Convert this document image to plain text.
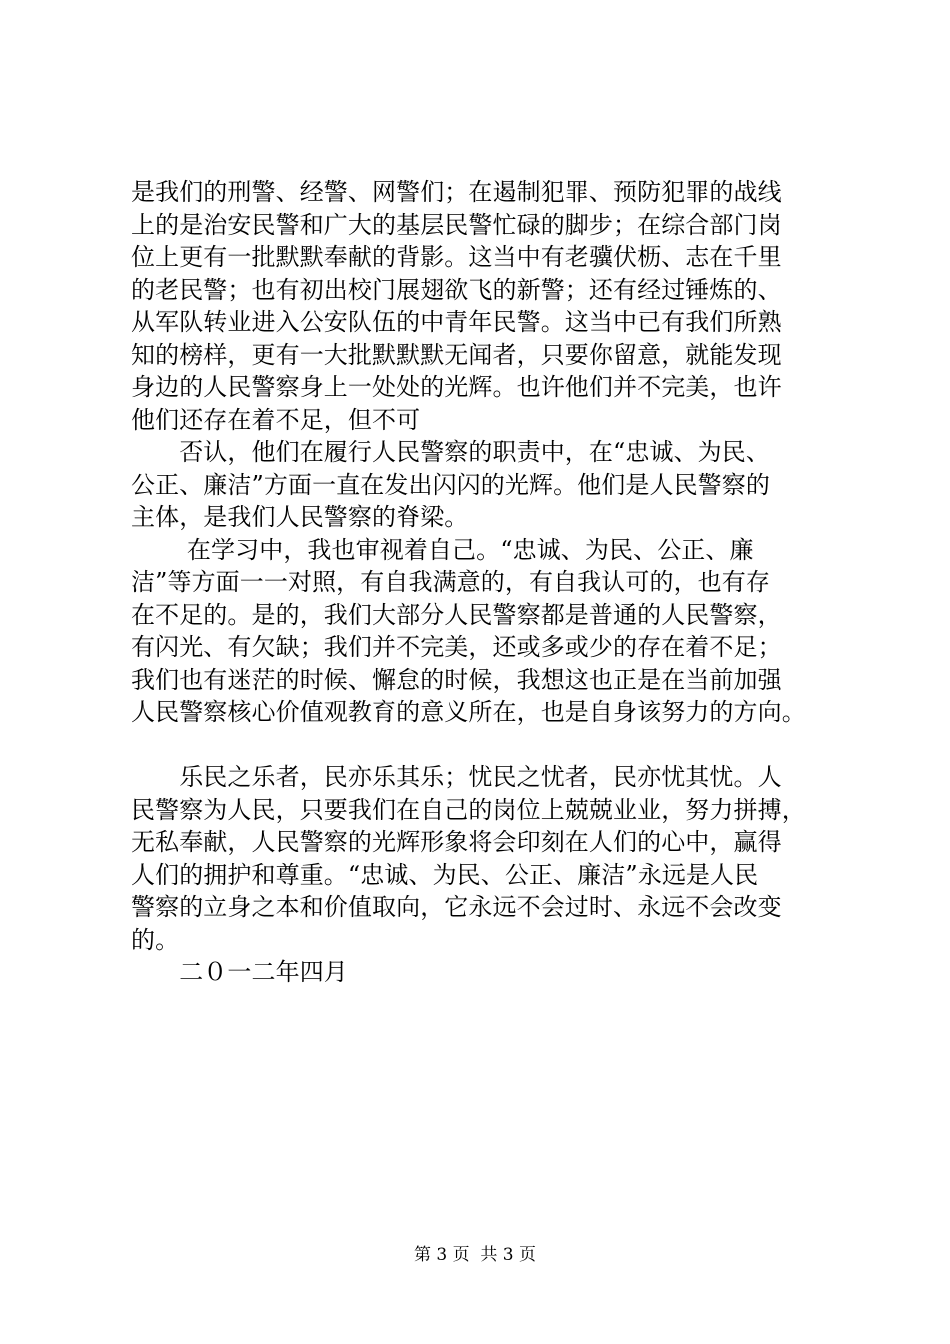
是我们的刑警、经警、网警们；在遏制犯罪、预防犯罪的战线
上的是治安民警和广大的基层民警忙碌的脚步；在综合部门岗
位上更有一批默默奉献的背影。这当中有老骥伏枥、志在千里
的老民警；也有初出校门展翅欲飞的新警；还有经过锤炼的、
从军队转业进入公安队伍的中青年民警。这当中已有我们所熟
知的榜样，更有一大批默默默无闻者，只要你留意，就能发现
身边的人民警察身上一处处的光辉。也许他们并不完美，也许
他们还存在着不足，但不可
　　否认，他们在履行人民警察的职责中，在“忠诚、为民、
公正、廉洁”方面一直在发出闪闪的光辉。他们是人民警察的
主体，是我们人民警察的脊梁。
　　 在学习中，我也审视着自己。“忠诚、为民、公正、廉
洁”等方面一一对照，有自我满意的，有自我认可的，也有存
在不足的。是的，我们大部分人民警察都是普通的人民警察，
有闪光、有欠缺；我们并不完美，还或多或少的存在着不足；
我们也有迷茫的时候、懈怠的时候，我想这也正是在当前加强
人民警察核心价值观教育的意义所在，也是自身该努力的方向。
　　乐民之乐者，民亦乐其乐；忧民之忧者，民亦忧其忧。人
民警察为人民，只要我们在自己的岗位上兢兢业业，努力拼搏，
无私奉献，人民警察的光辉形象将会印刻在人们的心中，赢得
人们的拥护和尊重。“忠诚、为民、公正、廉洁”永远是人民
警察的立身之本和价值取向，它永远不会过时、永远不会改变
的。
　　二０一二年四月
第 3 页  共 3 页
